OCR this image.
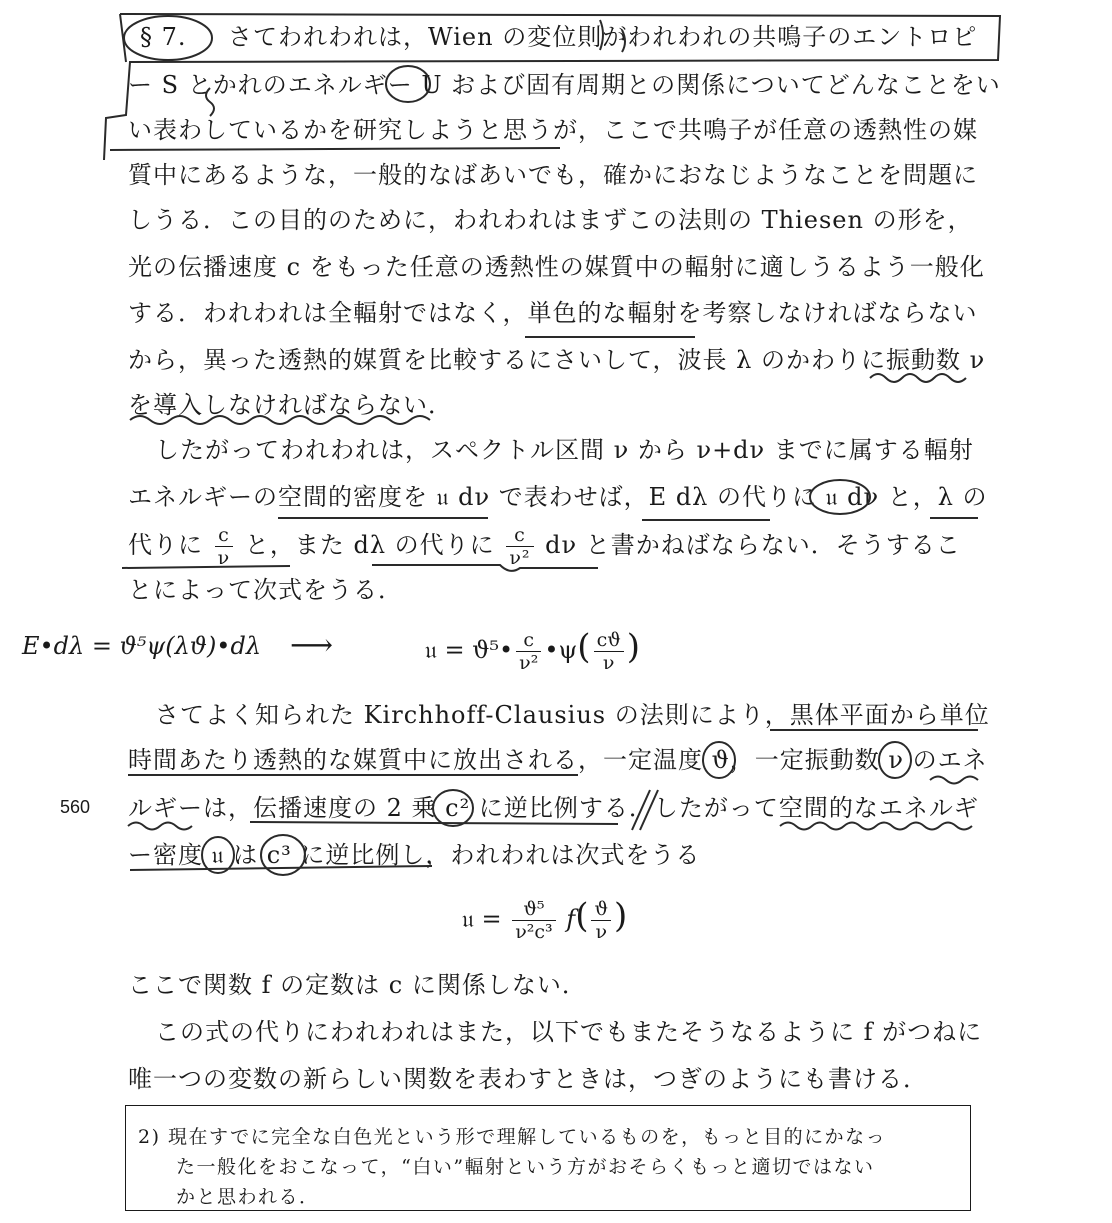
§ 7.	さてわれわれは，Wien の変位則がわれわれの共鳴子のエントロピ
ー S とかれのエネルギー U および固有周期との関係についてどんなことをい
い表わしているかを研究しようと思うが，ここで共鳴子が任意の透熱性の媒
質中にあるような，一般的なばあいでも，確かにおなじようなことを問題に
しうる．この目的のために，われわれはまずこの法則の Thiesen の形を，
光の伝播速度 c をもった任意の透熱性の媒質中の輻射に適しうるよう一般化
する．われわれは全輻射ではなく，単色的な輻射を考察しなければならない
から，異った透熱的媒質を比較するにさいして，波長 λ のかわりに振動数 ν
を導入しなければならない．
したがってわれわれは，スペクトル区間 ν から ν+dν までに属する輻射
エネルギーの空間的密度を 𝔲 dν で表わせば，E dλ の代りに 𝔲 dν と，λ の
代りに $\frac{c}{\nu}$ と，また dλ の代りに $\frac{c}{\text{ν²}}$ dν と書かねばならない．そうするこ
とによって次式をうる．
E•dλ = ϑ⁵ψ(λϑ)•dλ ⟶	𝔲 = ϑ⁵• $\frac{c}{\text{ν²}}$ •ψ( $\frac{cϑ}{\nu}$ )
さてよく知られた Kirchhoff-Clausius の法則により，黒体平面から単位
時間あたり透熱的な媒質中に放出される，一定温度 ϑ，一定振動数 ν のエネ
560 ルギーは，伝播速度の 2 乗 c² に逆比例する．したがって空間的なエネルギ
ー密度 𝔲 は c³ に逆比例し，われわれは次式をうる
𝔲 = $\frac{\text{ϑ⁵}}{\text{ν²c³}} f( \frac{ϑ}{\nu}$ )
ここで関数 f の定数は c に関係しない．
この式の代りにわれわれはまた，以下でもまたそうなるように f がつねに
唯一つの変数の新らしい関数を表わすときは，つぎのようにも書ける．
2) 現在すでに完全な白色光という形で理解しているものを，もっと目的にかなっ
た一般化をおこなって，“白い”輻射という方がおそらくもっと適切ではない
かと思われる．
